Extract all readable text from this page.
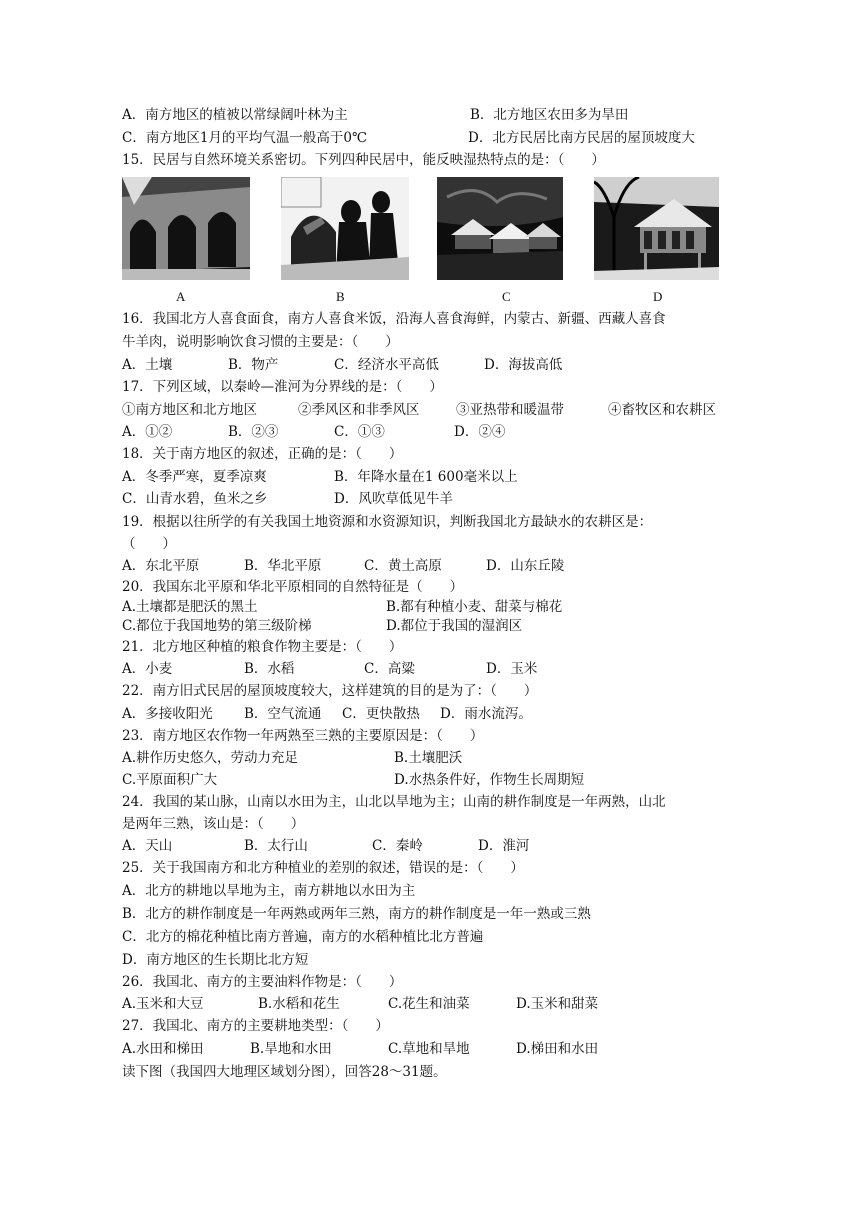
A．南方地区的植被以常绿阔叶林为主	B．北方地区农田多为旱田
C．南方地区1月的平均气温一般高于0℃	D．北方民居比南方民居的屋顶坡度大
15．民居与自然环境关系密切。下列四种民居中，能反映湿热特点的是：（　　）
A	B	C	D
16．我国北方人喜食面食，南方人喜食米饭，沿海人喜食海鲜，内蒙古、新疆、西藏人喜食
牛羊肉，说明影响饮食习惯的主要是：（　　）
A．土壤	B．物产	C．经济水平高低	D．海拔高低
17．下列区域，以秦岭—淮河为分界线的是：（　　）
①南方地区和北方地区	②季风区和非季风区	③亚热带和暖温带	④畜牧区和农耕区
A．①②	B．②③	C．①③	D．②④
18．关于南方地区的叙述，正确的是：（　　）
A．冬季严寒，夏季凉爽	B．年降水量在1 600毫米以上
C．山青水碧，鱼米之乡	D．风吹草低见牛羊
19．根据以往所学的有关我国土地资源和水资源知识，判断我国北方最缺水的农耕区是：
（　　）
A．东北平原	B．华北平原	C．黄土高原	D．山东丘陵
20．我国东北平原和华北平原相同的自然特征是（　　）
A.土壤都是肥沃的黑土	B.都有种植小麦、甜菜与棉花
C.都位于我国地势的第三级阶梯	D.都位于我国的湿润区
21．北方地区种植的粮食作物主要是：（　　）
A．小麦	B．水稻	C．高粱	D．玉米
22．南方旧式民居的屋顶坡度较大，这样建筑的目的是为了：（　　）
A．多接收阳光 B．空气流通 C．更快散热 D．雨水流泻。
23．南方地区农作物一年两熟至三熟的主要原因是：（　　）
A.耕作历史悠久，劳动力充足	B.土壤肥沃
C.平原面积广大	D.水热条件好，作物生长周期短
24．我国的某山脉，山南以水田为主，山北以旱地为主；山南的耕作制度是一年两熟，山北
是两年三熟，该山是：（　　）
A．天山	B．太行山	C．秦岭	D．淮河
25．关于我国南方和北方种植业的差别的叙述，错误的是：（　　）
A．北方的耕地以旱地为主，南方耕地以水田为主
B．北方的耕作制度是一年两熟或两年三熟，南方的耕作制度是一年一熟或三熟
C．北方的棉花种植比南方普遍，南方的水稻种植比北方普遍
D．南方地区的生长期比北方短
26．我国北、南方的主要油料作物是：（　　）
A.玉米和大豆	B.水稻和花生	C.花生和油菜	D.玉米和甜菜
27．我国北、南方的主要耕地类型：（　　）
A.水田和梯田	B.旱地和水田	C.草地和旱地	D.梯田和水田
读下图（我国四大地理区域划分图），回答28～31题。
